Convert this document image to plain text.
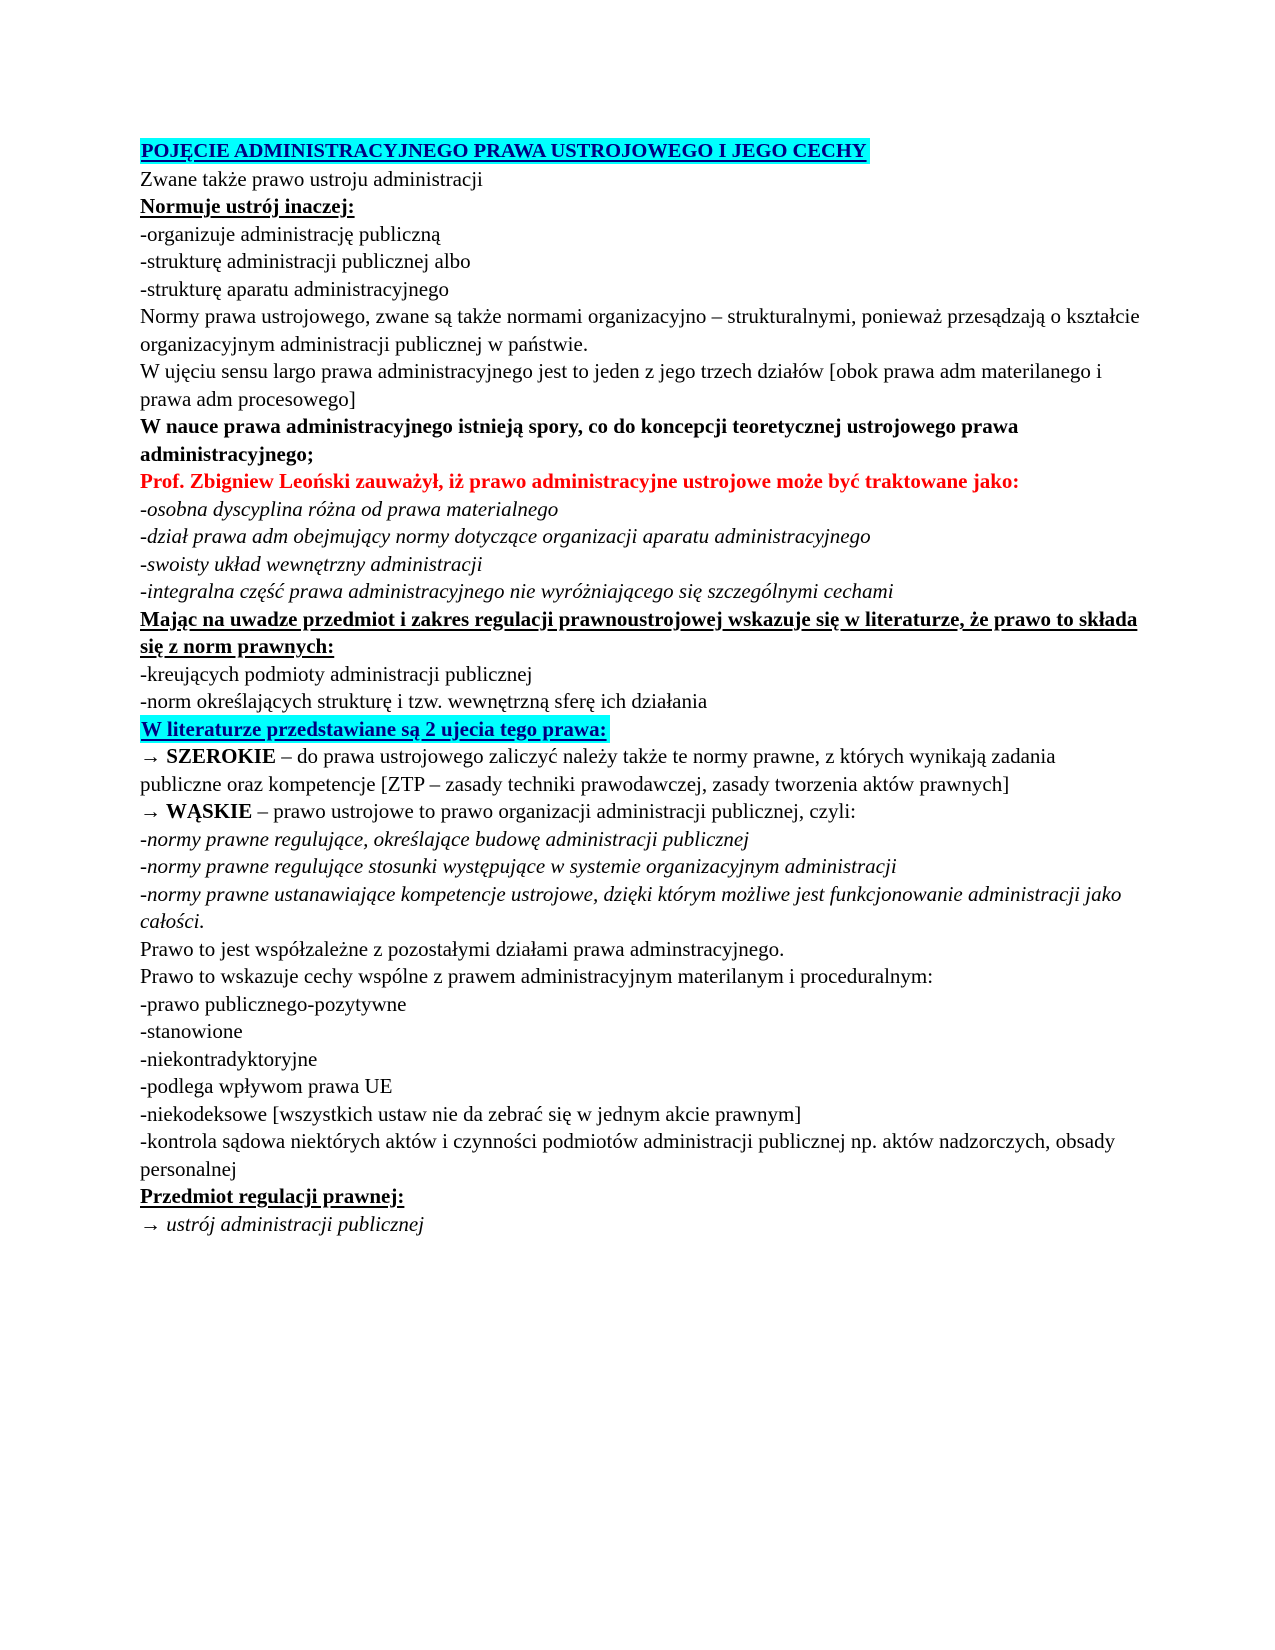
POJĘCIE ADMINISTRACYJNEGO PRAWA USTROJOWEGO I JEGO CECHY

Zwane także prawo ustroju administracji

Normuje ustrój inaczej:
-organizuje administrację publiczną
-strukturę administracji publicznej albo
-strukturę aparatu administracyjnego

Normy prawa ustrojowego, zwane są także normami organizacyjno – strukturalnymi, ponieważ przesądzają o kształcie organizacyjnym administracji publicznej w państwie.

W ujęciu sensu largo prawa administracyjnego jest to jeden z jego trzech działów [obok prawa adm materilanego i prawa adm procesowego]

W nauce prawa administracyjnego istnieją spory, co do koncepcji teoretycznej ustrojowego prawa administracyjnego;
Prof. Zbigniew Leoński zauważył, iż prawo administracyjne ustrojowe może być traktowane jako:
-osobna dyscyplina różna od prawa materialnego
-dział prawa adm obejmujący normy dotyczące organizacji aparatu administracyjnego
-swoisty układ wewnętrzny administracji
-integralna część prawa administracyjnego nie wyróżniającego się szczególnymi cechami
Mając na uwadze przedmiot i zakres regulacji prawnoustrojowej wskazuje się w literaturze, że prawo to składa się z norm prawnych:
-kreujących podmioty administracji publicznej
-norm określających strukturę i tzw. wewnętrzną sferę ich działania
W literaturze przedstawiane są 2 ujecia tego prawa:

→ SZEROKIE – do prawa ustrojowego zaliczyć należy także te normy prawne, z których wynikają zadania publiczne oraz kompetencje [ZTP – zasady techniki prawodawczej, zasady tworzenia aktów prawnych]

→ WĄSKIE – prawo ustrojowe to prawo organizacji administracji publicznej, czyli:

-normy prawne regulujące, określające budowę administracji publicznej
-normy prawne regulujące stosunki występujące w systemie organizacyjnym administracji
-normy prawne ustanawiające kompetencje ustrojowe, dzięki którym możliwe jest funkcjonowanie administracji jako całości.
Prawo to jest współzależne z pozostałymi działami prawa adminstracyjnego.
Prawo to wskazuje cechy wspólne z prawem administracyjnym materilanym i proceduralnym:
-prawo publicznego-pozytywne
-stanowione
-niekontradyktoryjne
-podlega wpływom prawa UE
-niekodeksowe [wszystkich ustaw nie da zebrać się w jednym akcie prawnym]
-kontrola sądowa niektórych aktów i czynności podmiotów administracji publicznej np. aktów nadzorczych, obsady personalnej
Przedmiot regulacji prawnej:
→ ustrój administracji publicznej
